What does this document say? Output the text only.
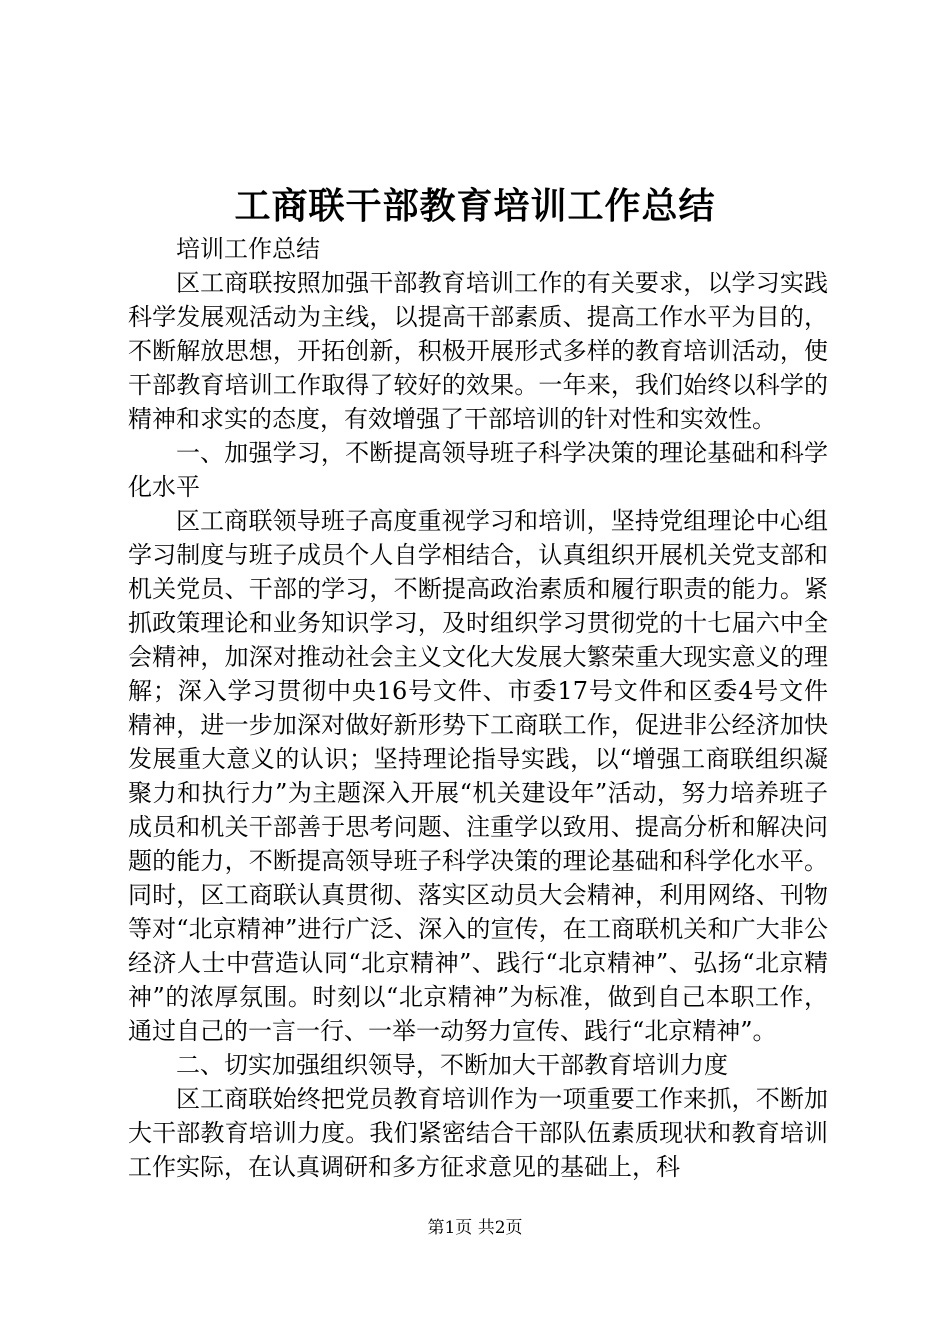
工商联干部教育培训工作总结

培训工作总结

区工商联按照加强干部教育培训工作的有关要求，以学习实践科学发展观活动为主线，以提高干部素质、提高工作水平为目的，不断解放思想，开拓创新，积极开展形式多样的教育培训活动，使干部教育培训工作取得了较好的效果。一年来，我们始终以科学的精神和求实的态度，有效增强了干部培训的针对性和实效性。

一、加强学习，不断提高领导班子科学决策的理论基础和科学化水平

区工商联领导班子高度重视学习和培训，坚持党组理论中心组学习制度与班子成员个人自学相结合，认真组织开展机关党支部和机关党员、干部的学习，不断提高政治素质和履行职责的能力。紧抓政策理论和业务知识学习，及时组织学习贯彻党的十七届六中全会精神，加深对推动社会主义文化大发展大繁荣重大现实意义的理解；深入学习贯彻中央16号文件、市委17号文件和区委4号文件精神，进一步加深对做好新形势下工商联工作，促进非公经济加快发展重大意义的认识；坚持理论指导实践，以“增强工商联组织凝聚力和执行力”为主题深入开展“机关建设年”活动，努力培养班子成员和机关干部善于思考问题、注重学以致用、提高分析和解决问题的能力，不断提高领导班子科学决策的理论基础和科学化水平。同时，区工商联认真贯彻、落实区动员大会精神，利用网络、刊物等对“北京精神”进行广泛、深入的宣传，在工商联机关和广大非公经济人士中营造认同“北京精神”、践行“北京精神”、弘扬“北京精神”的浓厚氛围。时刻以“北京精神”为标准，做到自己本职工作，通过自己的一言一行、一举一动努力宣传、践行“北京精神”。

二、切实加强组织领导，不断加大干部教育培训力度

区工商联始终把党员教育培训作为一项重要工作来抓，不断加大干部教育培训力度。我们紧密结合干部队伍素质现状和教育培训工作实际，在认真调研和多方征求意见的基础上，科

第1页 共2页
